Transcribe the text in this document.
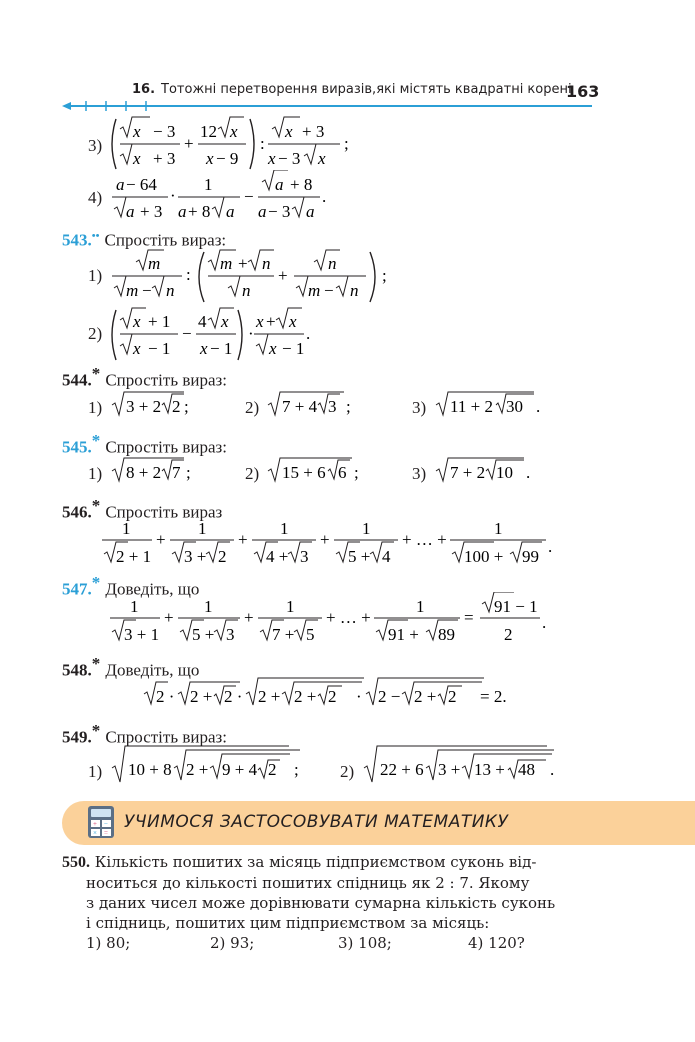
16. Тотожні перетворення виразів,які містять квадратні корені
163
3)
x − 3
x + 3
+
12 x
x − 9
:
x + 3
x − 3 x
;
4)
a − 64
a + 3
·
1
a + 8 a
−
a + 8
a − 3 a
.
543.•• Спростіть вираз:
1)
m
m − n
:
m + n
n
+
n
m − n
;
2)
x + 1
x − 1
−
4 x
x − 1
·
x + x
x − 1
.
544.* Спростіть вираз:
1) 3 + 2 2 ;	2) 7 + 4 3 ;	3) 11 + 2 30 .
545.* Спростіть вираз:
1) 8 + 2 7 ;	2) 15 + 6 6 ;	3) 7 + 2 10 .
546.* Спростіть вираз
1
2 + 1
+
1
3 + 2
+
1
4 + 3
+
1
5 + 4
+ … +
1
100 + 99
.
547.* Доведіть, що
1
3 + 1
+
1
5 + 3
+
1
7 + 5
+ … +
1
91 + 89
=
91 − 1
2
.
548.* Доведіть, що
2 · 2 + 2 · 2 + 2 + 2 · 2 − 2 + 2 = 2.
549.* Спростіть вираз:
1) 10 + 8 2 + 9 + 4 2 ; 2) 22 + 6 3 + 13 + 48 .
+ −
× =
УЧИМОСЯ ЗАСТОСОВУВАТИ МАТЕМАТИКУ
550. Кількість пошитих за місяць підприємством суконь від-
носиться до кількості пошитих спідниць як 2 : 7. Якому
з даних чисел може дорівнювати сумарна кількість суконь
і спідниць, пошитих цим підприємством за місяць:
1) 80;	2) 93;	3) 108;	4) 120?
